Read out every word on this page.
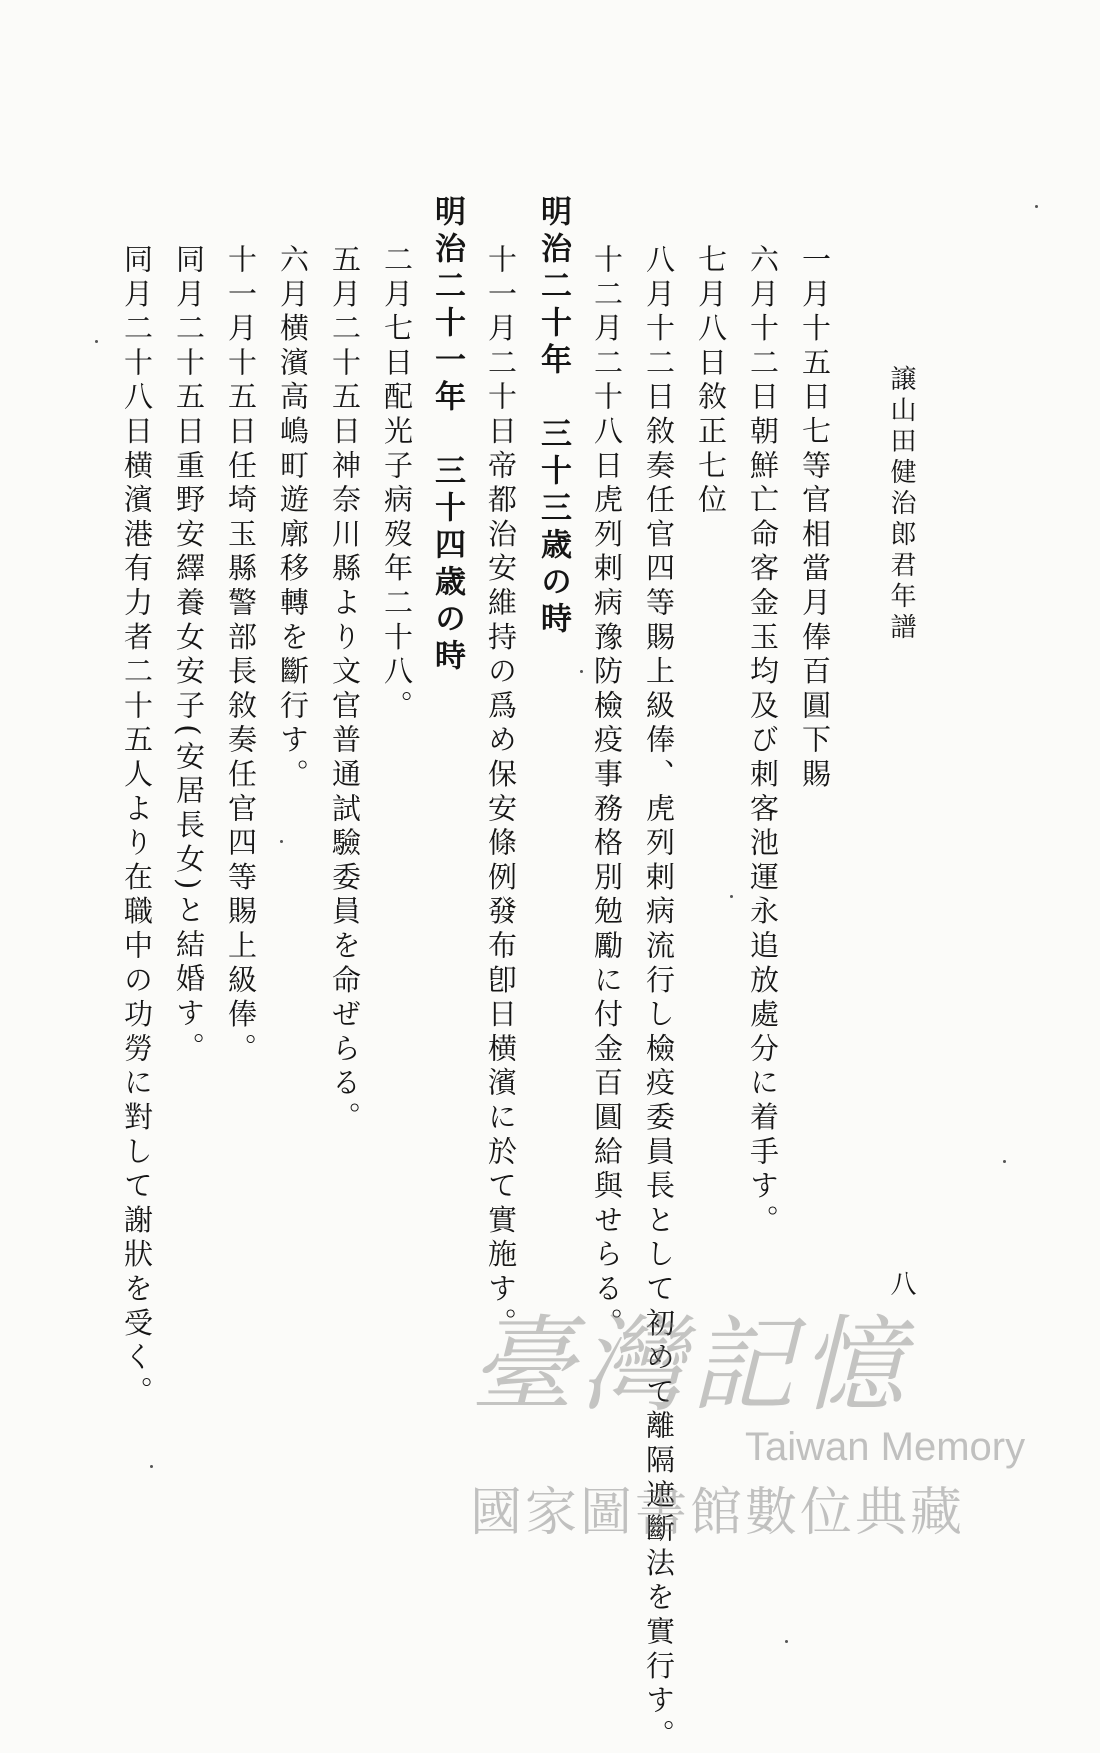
譲山田健治郎君年譜
八
一月十五日七等官相當月俸百圓下賜
六月十二日朝鮮亡命客金玉均及び刺客池運永追放處分に着手す。
七月八日敘正七位
八月十二日敘奏任官四等賜上級俸、虎列剌病流行し檢疫委員長として初めて離隔遮斷法を實行す。
十二月二十八日虎列剌病豫防檢疫事務格別勉勵に付金百圓給與せらる。
明治二十年　三十三歳の時
十一月二十日帝都治安維持の爲め保安條例發布卽日横濱に於て實施す。
明治二十一年　三十四歳の時
二月七日配光子病歿年二十八。
五月二十五日神奈川縣より文官普通試驗委員を命ぜらる。
六月横濱高嶋町遊廓移轉を斷行す。
十一月十五日任埼玉縣警部長敘奏任官四等賜上級俸。
同月二十五日重野安繹養女安子(安居長女)と結婚す。
同月二十八日横濱港有力者二十五人より在職中の功勞に對して謝狀を受く。	臺灣記憶
Taiwan Memory
國家圖書館數位典藏
